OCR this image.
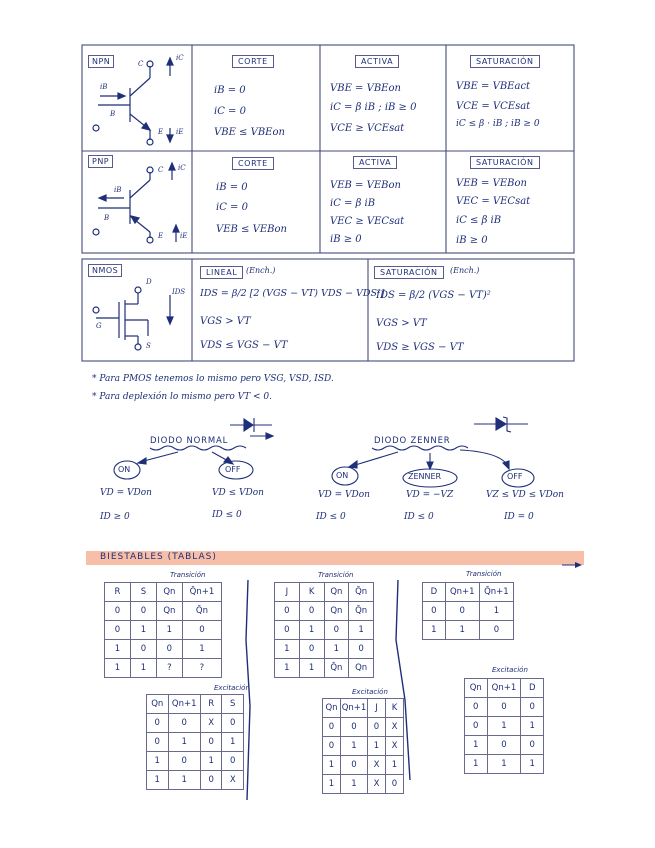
NPN	C
iC
iB
B
E iE
CORTE
iB = 0
iC = 0
VBE ≤ VBEon
ACTIVA
VBE = VBEon
iC = β iB ; iB ≥ 0
VCE ≥ VCEsat
SATURACIÓN
VBE = VBEact
VCE = VCEsat
iC ≤ β · iB ; iB ≥ 0
PNP
C iC
iB
B
E iE
CORTE
iB = 0
iC = 0
VEB ≤ VEBon
ACTIVA
VEB = VEBon
iC = β iB
VEC ≥ VECsat
iB ≥ 0
SATURACIÓN
VEB = VEBon
VEC = VECsat
iC ≤ β iB
iB ≥ 0
NMOS
D
IDS
G
S
LINEAL	(Ench.)
IDS = β/2 [2 (VGS − VT) VDS − VDS²]
VGS > VT
VDS ≤ VGS − VT
SATURACIÓN	(Ench.)
IDS = β/2 (VGS − VT)²
VGS > VT
VDS ≥ VGS − VT
* Para PMOS tenemos lo mismo pero VSG, VSD, ISD.
* Para deplexión lo mismo pero VT < 0.
DIODO NORMAL
ON	OFF
VD = VDon	VD ≤ VDon
ID ≥ 0	ID ≤ 0
DIODO ZENNER
ON	ZENNER	OFF
VD = VDon	VD = −VZ	VZ ≤ VD ≤ VDon
ID ≤ 0	ID ≤ 0	ID = 0
BIESTABLES (TABLAS)
Transición	Transición	Transición
Excitación	Excitación
Excitación
R	S	Qn	Q̄n+1
0	0	Qn	Q̄n
0	1	1	0
1	0	0	1
1	1	?	?
J	K	Qn	Q̄n
0	0	Qn	Q̄n
0	1	0	1
1	0	1	0
1	1	Q̄n	Qn
D	Qn+1	Q̄n+1
0	0	1
1	1	0
Qn	Qn+1	R	S
0	0	X	0
0	1	0	1
1	0	1	0
1	1	0	X
Qn	Qn+1	J	K
0	0	0	X
0	1	1	X
1	0	X	1
1	1	X	0
Qn	Qn+1	D
0	0	0
0	1	1
1	0	0
1	1	1
